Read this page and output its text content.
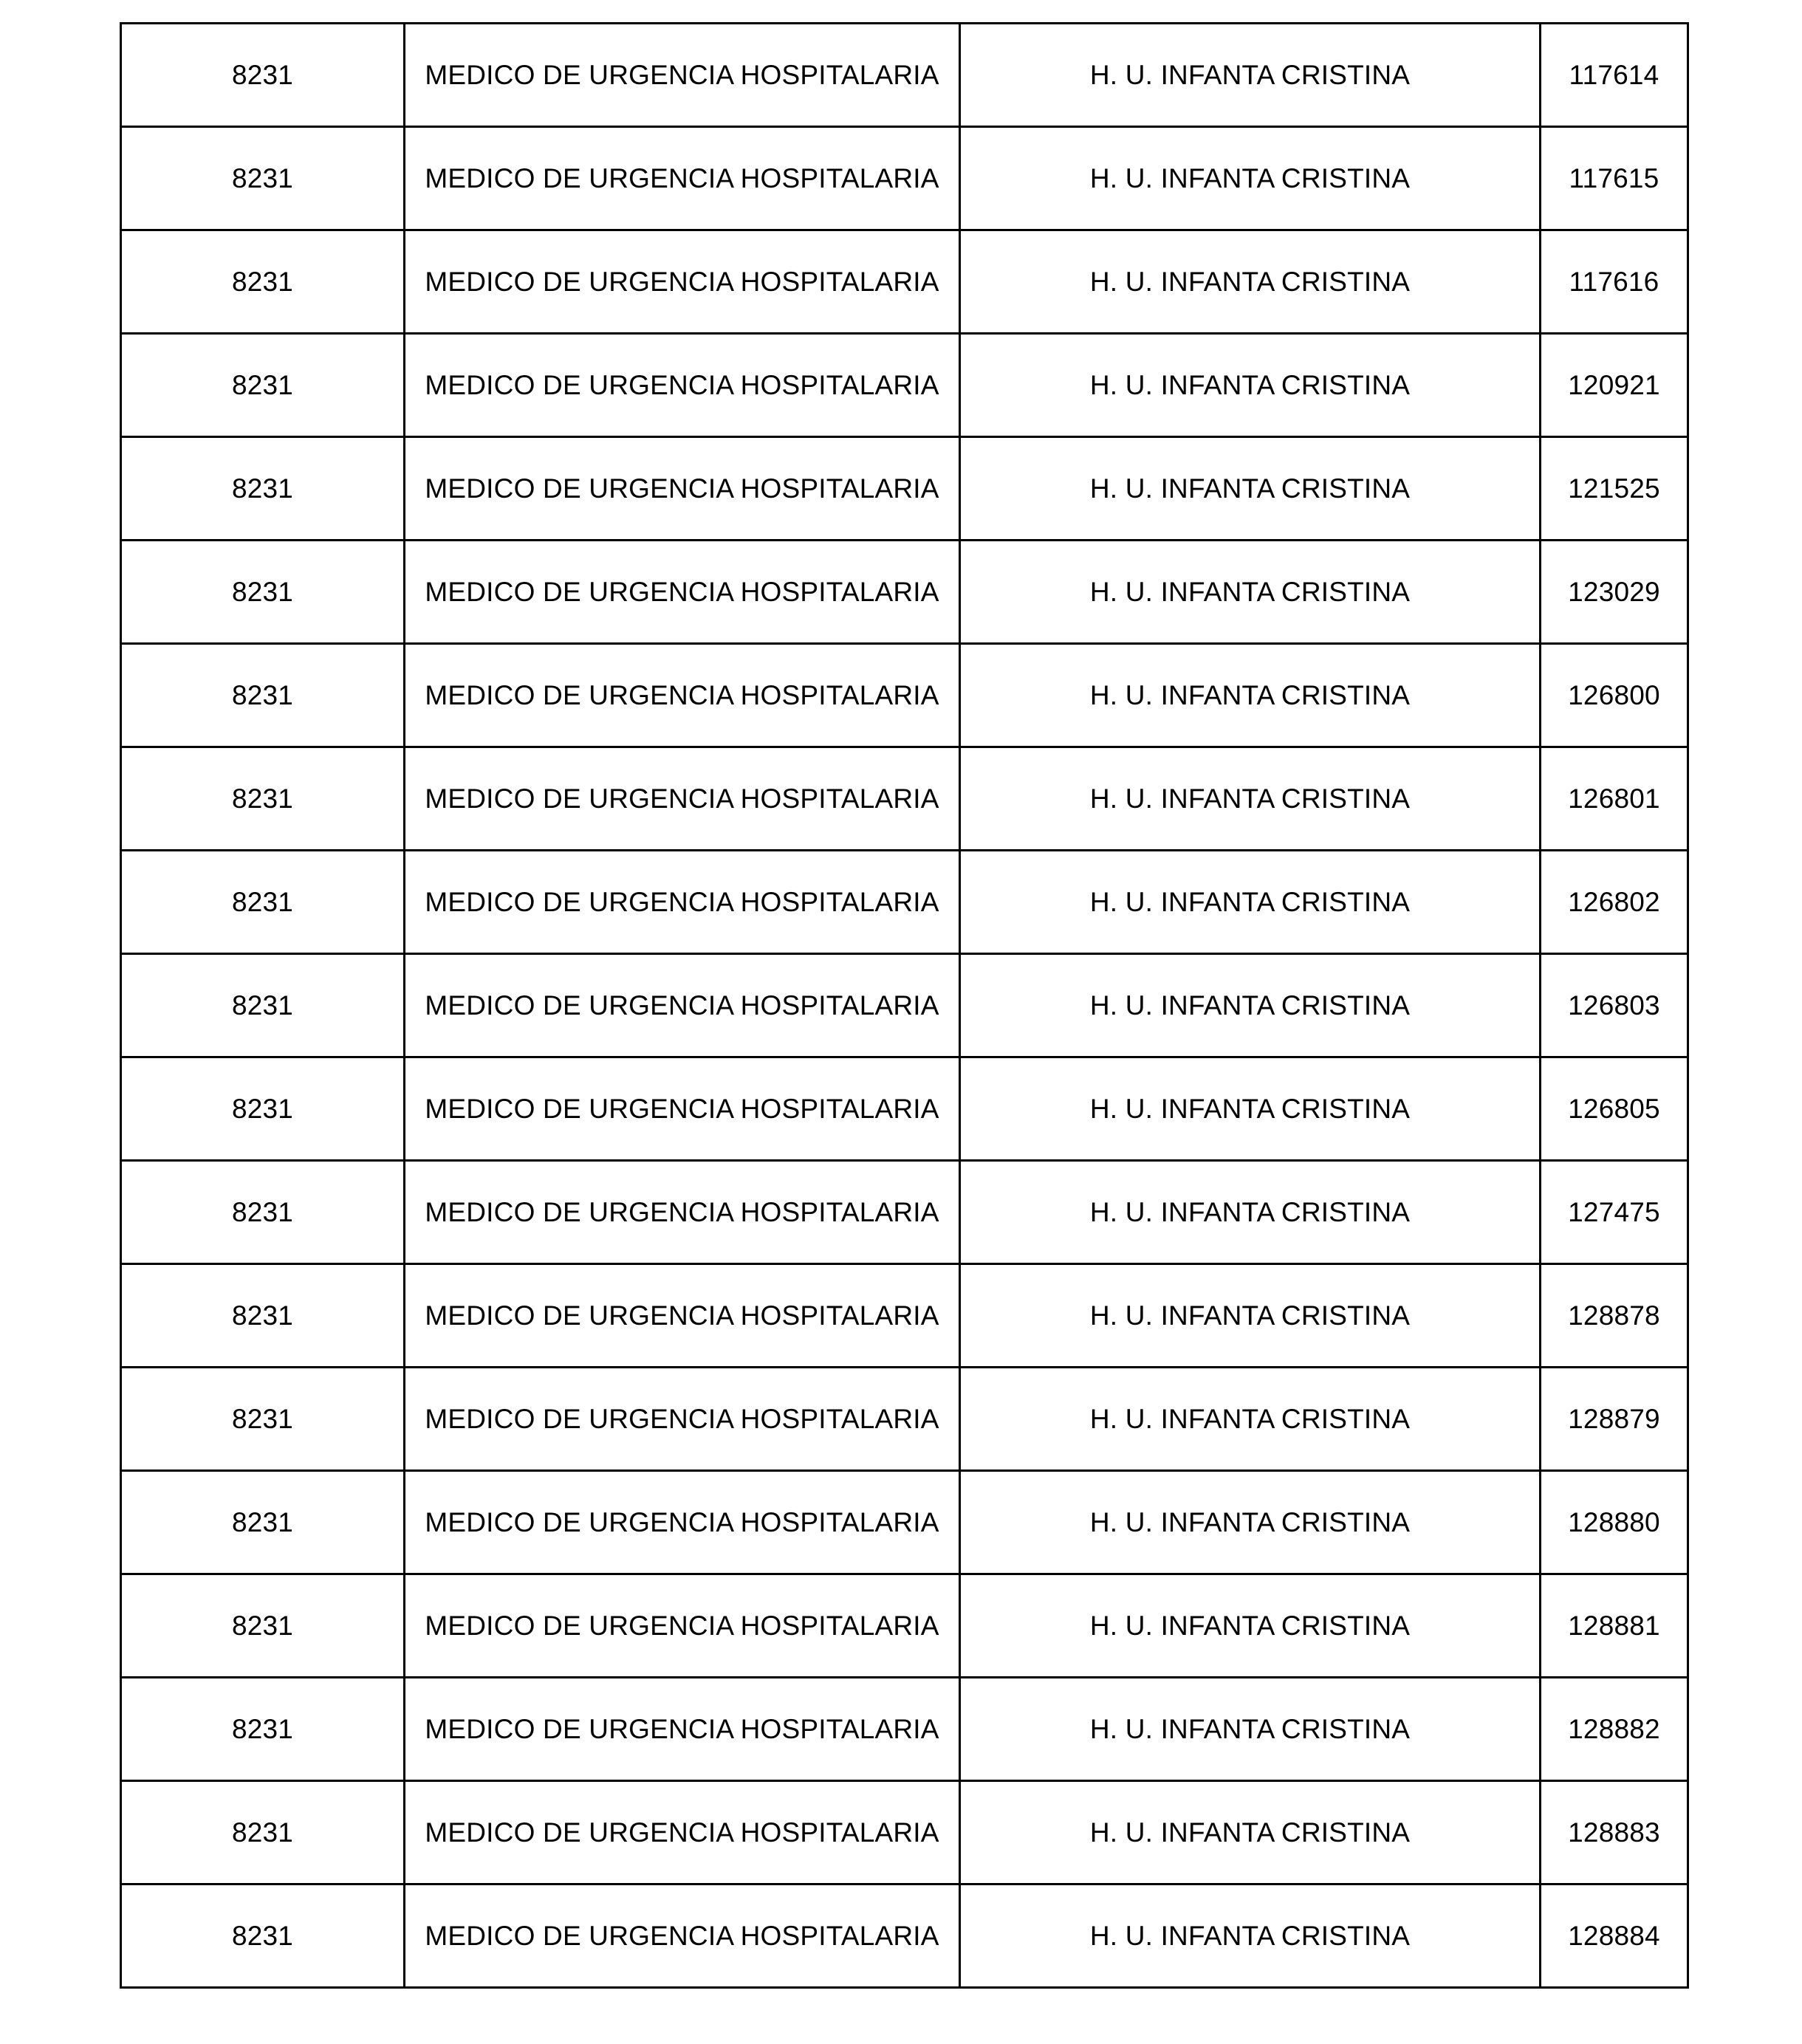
8231	MEDICO DE URGENCIA HOSPITALARIA	H. U. INFANTA CRISTINA	117614
8231	MEDICO DE URGENCIA HOSPITALARIA	H. U. INFANTA CRISTINA	117615
8231	MEDICO DE URGENCIA HOSPITALARIA	H. U. INFANTA CRISTINA	117616
8231	MEDICO DE URGENCIA HOSPITALARIA	H. U. INFANTA CRISTINA	120921
8231	MEDICO DE URGENCIA HOSPITALARIA	H. U. INFANTA CRISTINA	121525
8231	MEDICO DE URGENCIA HOSPITALARIA	H. U. INFANTA CRISTINA	123029
8231	MEDICO DE URGENCIA HOSPITALARIA	H. U. INFANTA CRISTINA	126800
8231	MEDICO DE URGENCIA HOSPITALARIA	H. U. INFANTA CRISTINA	126801
8231	MEDICO DE URGENCIA HOSPITALARIA	H. U. INFANTA CRISTINA	126802
8231	MEDICO DE URGENCIA HOSPITALARIA	H. U. INFANTA CRISTINA	126803
8231	MEDICO DE URGENCIA HOSPITALARIA	H. U. INFANTA CRISTINA	126805
8231	MEDICO DE URGENCIA HOSPITALARIA	H. U. INFANTA CRISTINA	127475
8231	MEDICO DE URGENCIA HOSPITALARIA	H. U. INFANTA CRISTINA	128878
8231	MEDICO DE URGENCIA HOSPITALARIA	H. U. INFANTA CRISTINA	128879
8231	MEDICO DE URGENCIA HOSPITALARIA	H. U. INFANTA CRISTINA	128880
8231	MEDICO DE URGENCIA HOSPITALARIA	H. U. INFANTA CRISTINA	128881
8231	MEDICO DE URGENCIA HOSPITALARIA	H. U. INFANTA CRISTINA	128882
8231	MEDICO DE URGENCIA HOSPITALARIA	H. U. INFANTA CRISTINA	128883
8231	MEDICO DE URGENCIA HOSPITALARIA	H. U. INFANTA CRISTINA	128884
